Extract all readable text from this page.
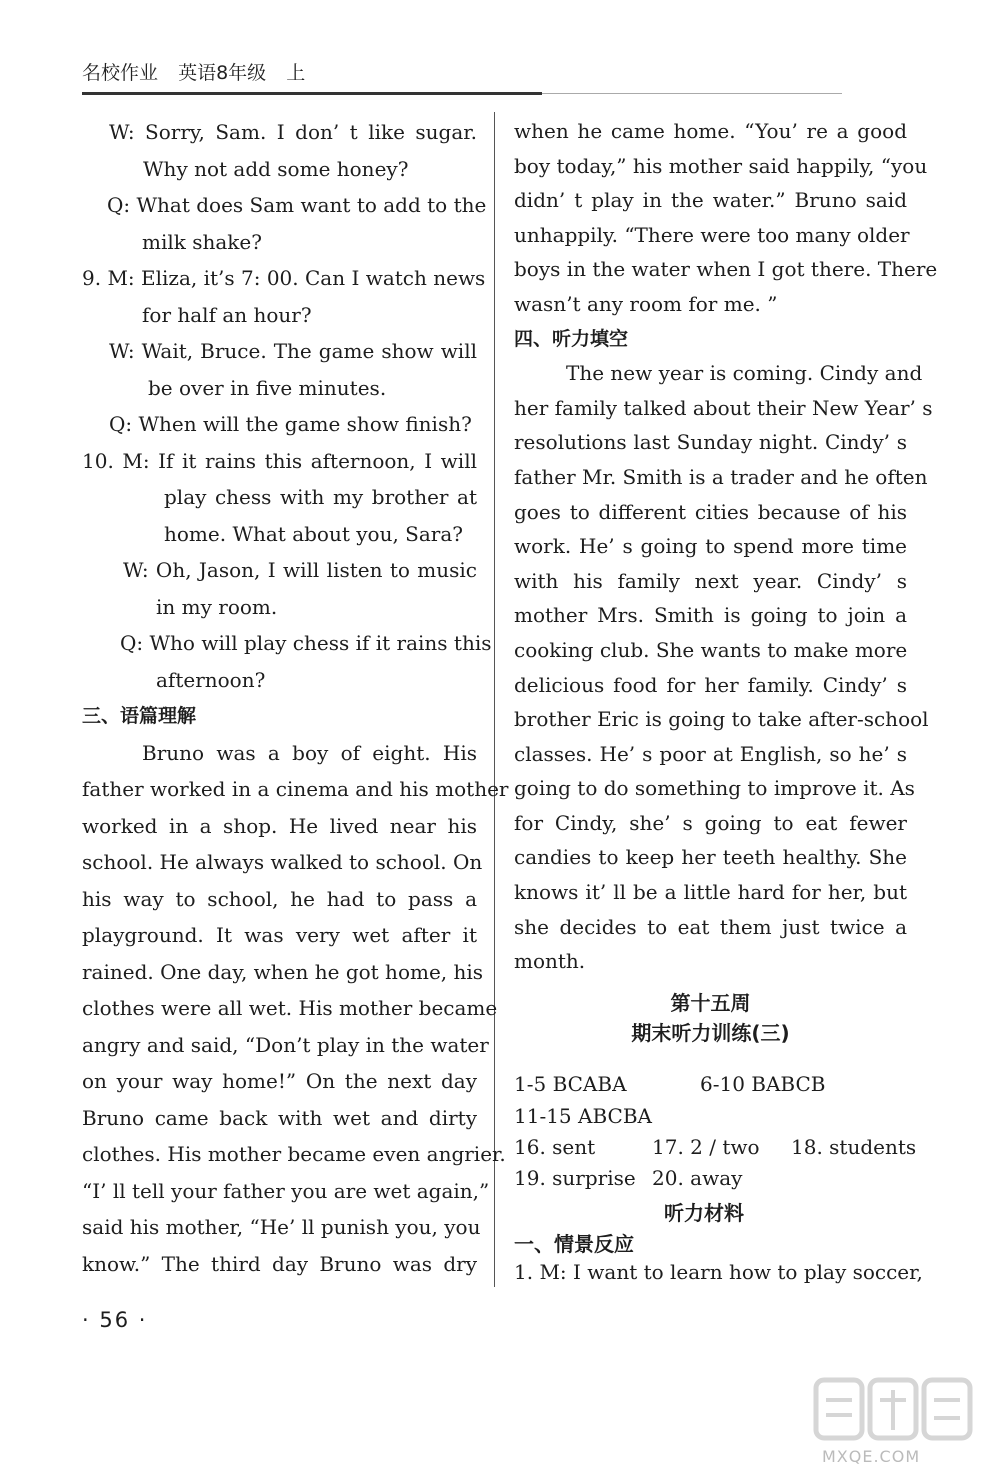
名校作业 英语8年级 上
W: Sorry, Sam. I don’ t like sugar.
Why not add some honey?
Q: What does Sam want to add to the
milk shake?
9. M: Eliza, it’s 7: 00. Can I watch news
for half an hour?
W: Wait, Bruce. The game show will
be over in five minutes.
Q: When will the game show finish?
10. M: If it rains this afternoon, I will
play chess with my brother at
home. What about you, Sara?
W: Oh, Jason, I will listen to music
in my room.
Q: Who will play chess if it rains this
afternoon?
三、语篇理解
Bruno was a boy of eight. His
father worked in a cinema and his mother
worked in a shop. He lived near his
school. He always walked to school. On
his way to school, he had to pass a
playground. It was very wet after it
rained. One day, when he got home, his
clothes were all wet. His mother became
angry and said, “Don’t play in the water
on your way home!” On the next day
Bruno came back with wet and dirty
clothes. His mother became even angrier.
“I’ ll tell your father you are wet again,”
said his mother, “He’ ll punish you, you
know.” The third day Bruno was dry
when he came home. “You’ re a good
boy today,” his mother said happily, “you
didn’ t play in the water.” Bruno said
unhappily. “There were too many older
boys in the water when I got there. There
wasn’t any room for me. ”
四、听力填空
The new year is coming. Cindy and
her family talked about their New Year’ s
resolutions last Sunday night. Cindy’ s
father Mr. Smith is a trader and he often
goes to different cities because of his
work. He’ s going to spend more time
with his family next year. Cindy’ s
mother Mrs. Smith is going to join a
cooking club. She wants to make more
delicious food for her family. Cindy’ s
brother Eric is going to take after-school
classes. He’ s poor at English, so he’ s
going to do something to improve it. As
for Cindy, she’ s going to eat fewer
candies to keep her teeth healthy. She
knows it’ ll be a little hard for her, but
she decides to eat them just twice a
month.
第十五周
期末听力训练(三)
1-5 BCABA	6-10 BABCB
11-15 ABCBA
16. sent	17. 2 / two 18. students
19. surprise 20. away
听力材料
一、情景反应
1. M: I want to learn how to play soccer,
· 56 ·
MXQE.COM
